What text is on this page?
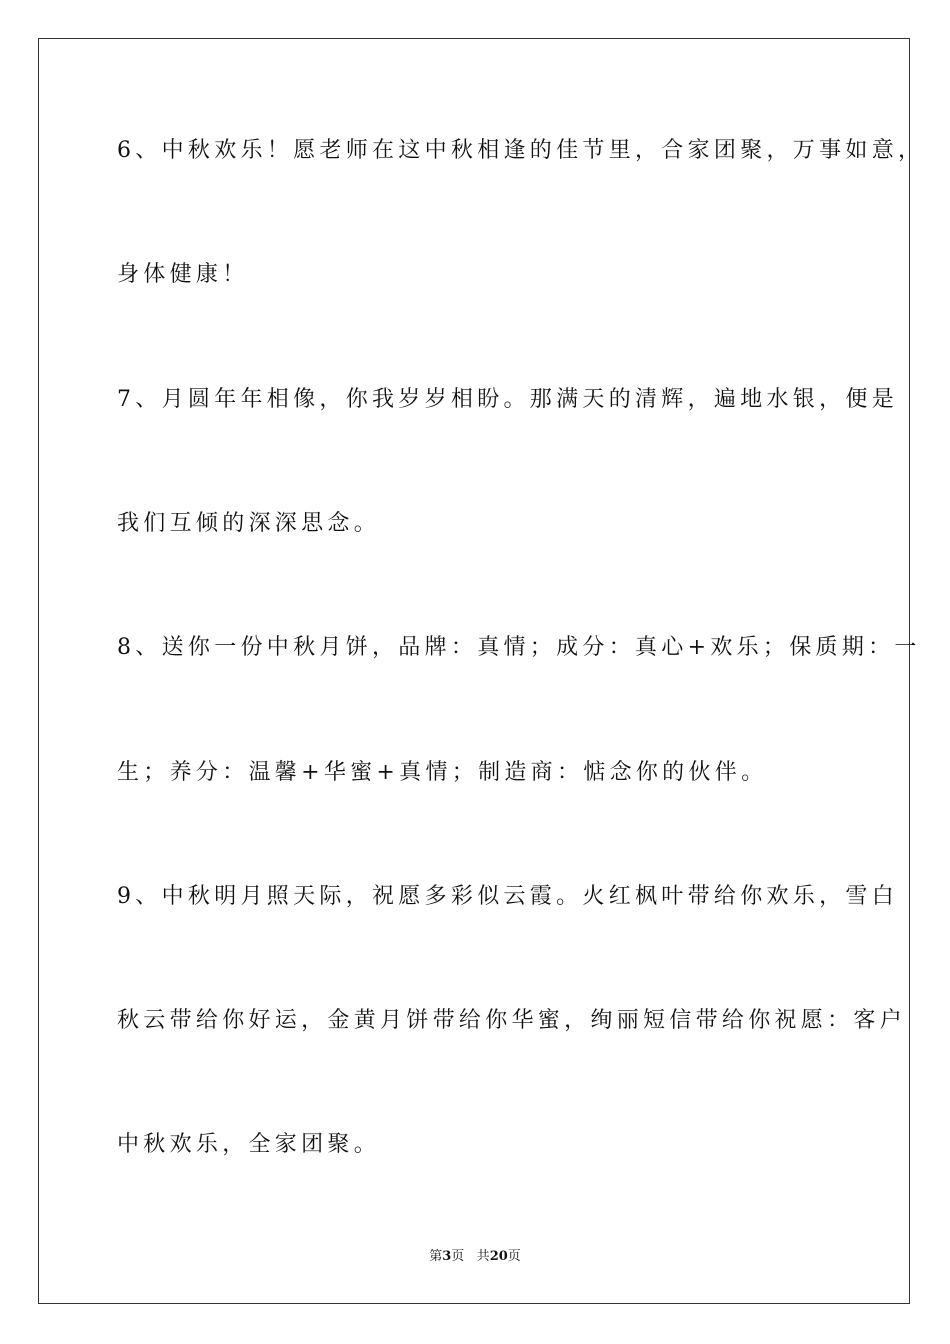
6、中秋欢乐！愿老师在这中秋相逢的佳节里，合家团聚，万事如意，
身体健康！
7、月圆年年相像，你我岁岁相盼。那满天的清辉，遍地水银，便是
我们互倾的深深思念。
8、送你一份中秋月饼，品牌：真情；成分：真心+欢乐；保质期：一
生；养分：温馨+华蜜+真情；制造商：惦念你的伙伴。
9、中秋明月照天际，祝愿多彩似云霞。火红枫叶带给你欢乐，雪白
秋云带给你好运，金黄月饼带给你华蜜，绚丽短信带给你祝愿：客户
中秋欢乐，全家团聚。
第3页 共20页
